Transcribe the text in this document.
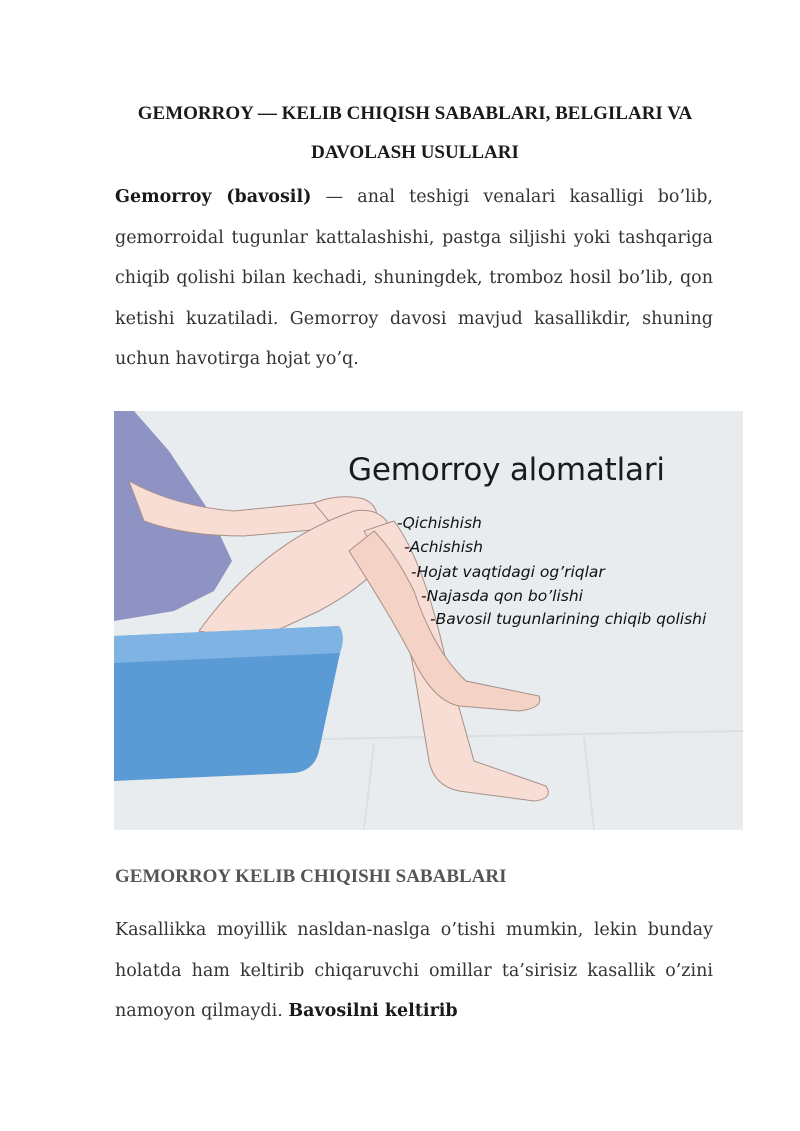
GEMORROY — KELIB CHIQISH SABABLARI, BELGILARI VA DAVOLASH USULLARI
Gemorroy (bavosil) — anal teshigi venalari kasalligi bo’lib, gemorroidal tugunlar kattalashishi, pastga siljishi yoki tashqariga chiqib qolishi bilan kechadi, shuningdek, tromboz hosil bo’lib, qon ketishi kuzatiladi. Gemorroy davosi mavjud kasallikdir, shuning uchun havotirga hojat yo’q.
Gemorroy alomatlari
-Qichishish
-Achishish
-Hojat vaqtidagi og’riqlar
-Najasda qon bo’lishi
-Bavosil tugunlarining chiqib qolishi
GEMORROY KELIB CHIQISHI SABABLARI
Kasallikka moyillik nasldan-naslga o’tishi mumkin, lekin bunday holatda ham keltirib chiqaruvchi omillar ta’sirisiz kasallik o’zini namoyon qilmaydi. Bavosilni keltirib
